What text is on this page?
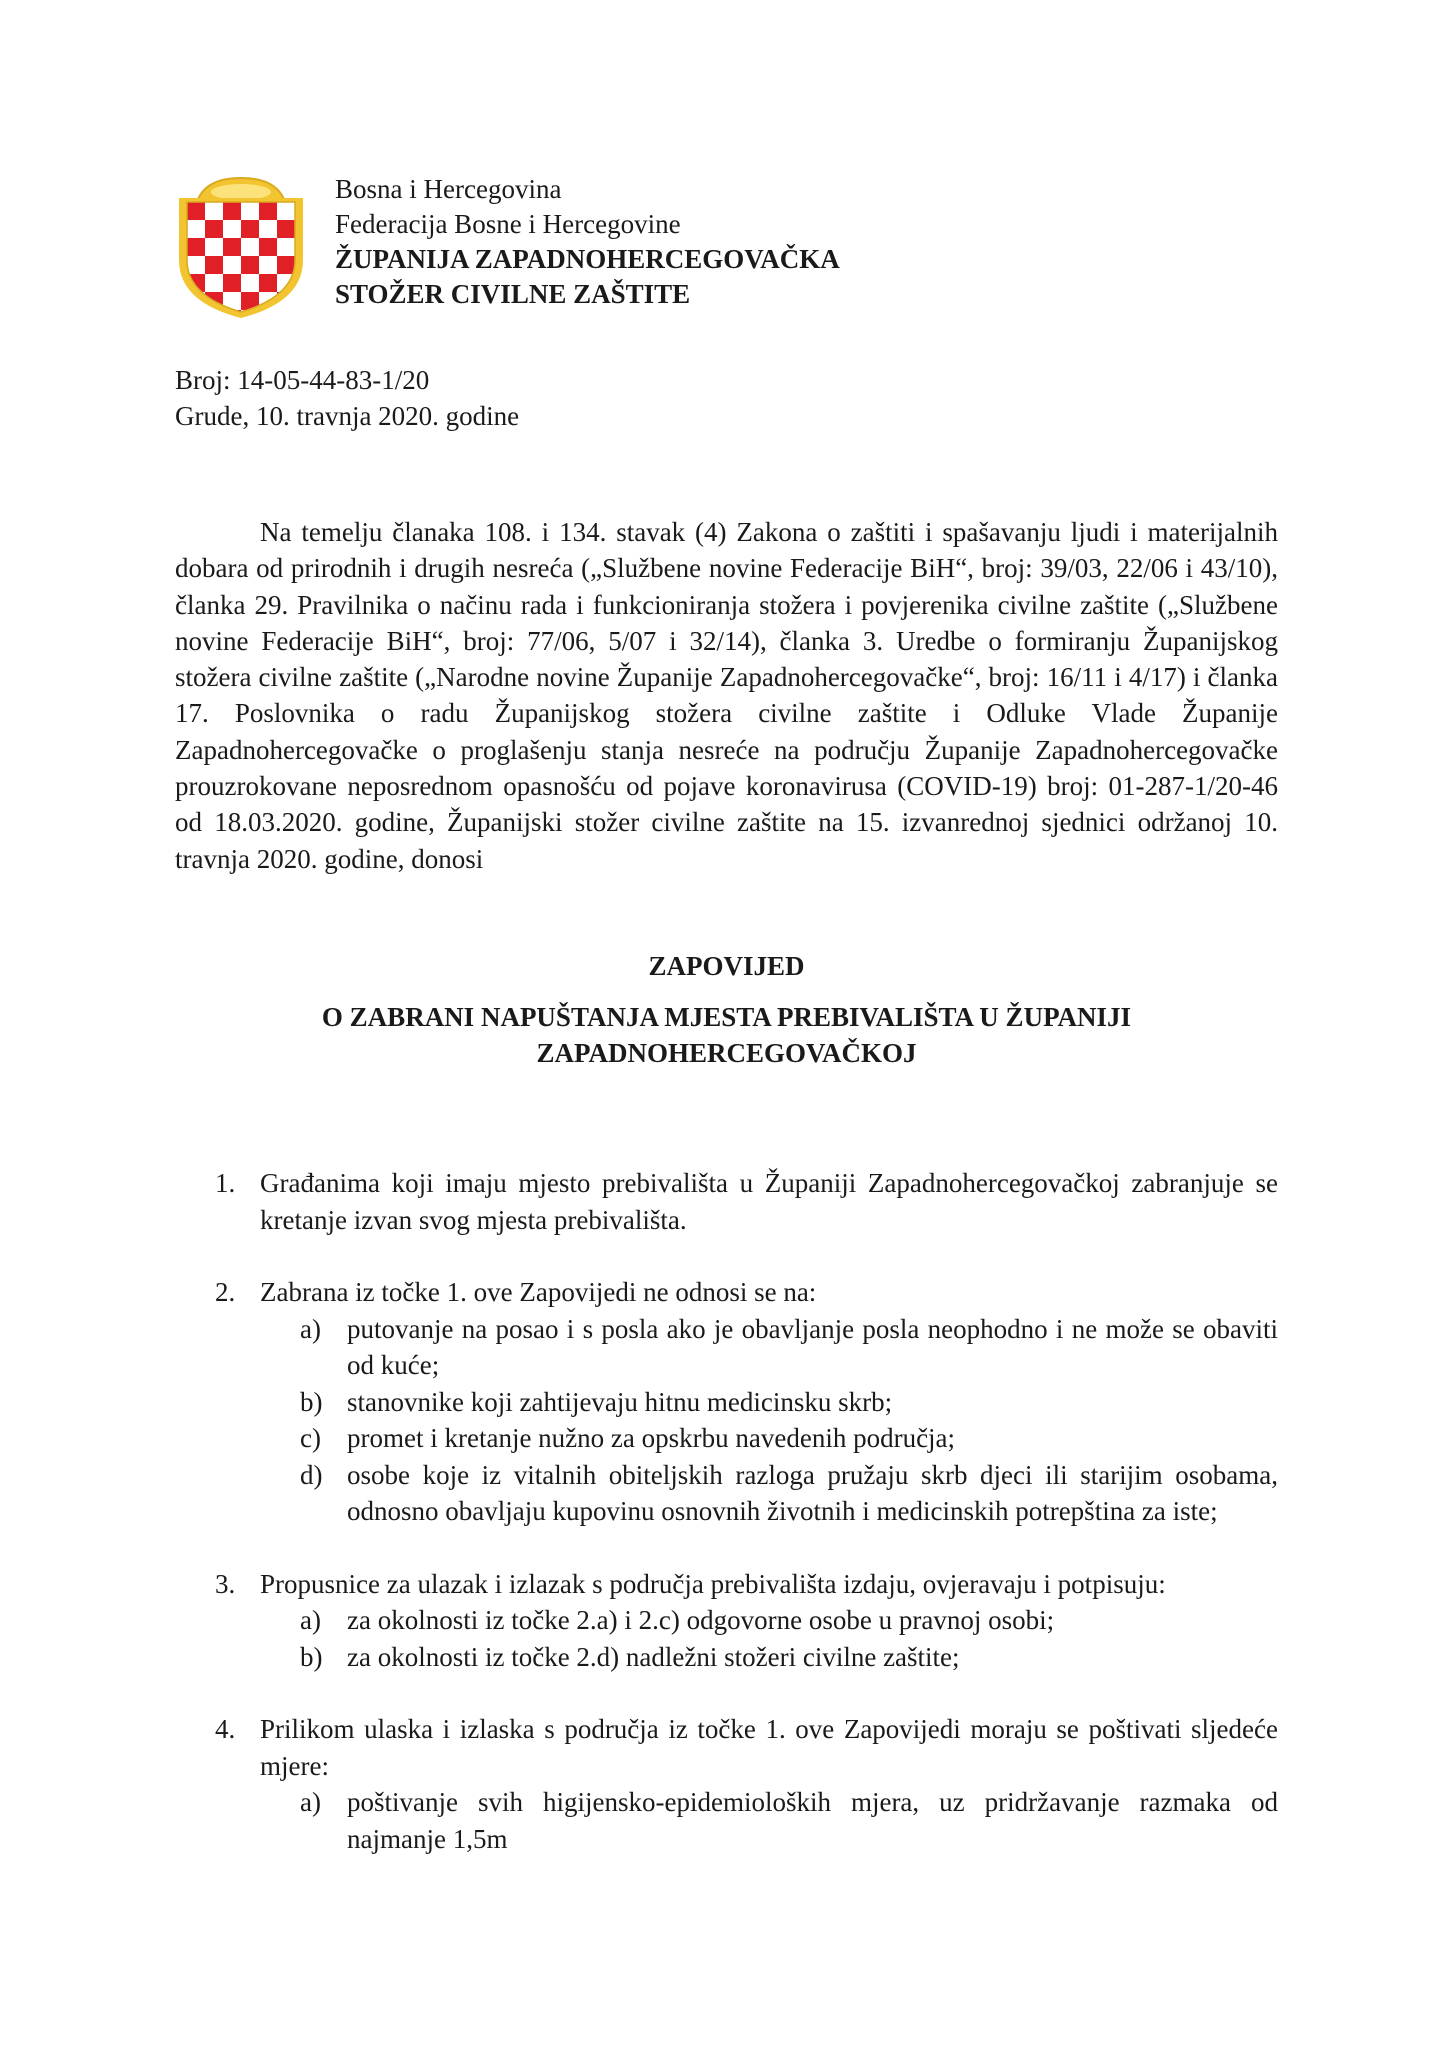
Bosna i Hercegovina
Federacija Bosne i Hercegovine
ŽUPANIJA ZAPADNOHERCEGOVAČKA
STOŽER CIVILNE ZAŠTITE
Broj: 14-05-44-83-1/20
Grude, 10. travnja 2020. godine

Na temelju članaka 108. i 134. stavak (4) Zakona o zaštiti i spašavanju ljudi i materijalnih dobara od prirodnih i drugih nesreća („Službene novine Federacije BiH“, broj: 39/03, 22/06 i 43/10), članka 29. Pravilnika o načinu rada i funkcioniranja stožera i povjerenika civilne zaštite („Službene novine Federacije BiH“, broj: 77/06, 5/07 i 32/14), članka 3. Uredbe o formiranju Županijskog stožera civilne zaštite („Narodne novine Županije Zapadnohercegovačke“, broj: 16/11 i 4/17) i članka 17. Poslovnika o radu Županijskog stožera civilne zaštite i Odluke Vlade Županije Zapadnohercegovačke o proglašenju stanja nesreće na području Županije Zapadnohercegovačke prouzrokovane neposrednom opasnošću od pojave koronavirusa (COVID-19) broj: 01-287-1/20-46 od 18.03.2020. godine, Županijski stožer civilne zaštite na 15. izvanrednoj sjednici održanoj 10. travnja 2020. godine, donosi

ZAPOVIJED

O ZABRANI NAPUŠTANJA MJESTA PREBIVALIŠTA U ŽUPANIJI
ZAPADNOHERCEGOVAČKOJ
1. Građanima koji imaju mjesto prebivališta u Županiji Zapadnohercegovačkoj zabranjuje se kretanje izvan svog mjesta prebivališta.
2. Zabrana iz točke 1. ove Zapovijedi ne odnosi se na:
a) putovanje na posao i s posla ako je obavljanje posla neophodno i ne može se obaviti od kuće;
b) stanovnike koji zahtijevaju hitnu medicinsku skrb;
c) promet i kretanje nužno za opskrbu navedenih područja;
d) osobe koje iz vitalnih obiteljskih razloga pružaju skrb djeci ili starijim osobama, odnosno obavljaju kupovinu osnovnih životnih i medicinskih potrepština za iste;
3. Propusnice za ulazak i izlazak s područja prebivališta izdaju, ovjeravaju i potpisuju:
a) za okolnosti iz točke 2.a) i 2.c) odgovorne osobe u pravnoj osobi;
b) za okolnosti iz točke 2.d) nadležni stožeri civilne zaštite;
4. Prilikom ulaska i izlaska s područja iz točke 1. ove Zapovijedi moraju se poštivati sljedeće mjere:
a) poštivanje svih higijensko-epidemioloških mjera, uz pridržavanje razmaka od najmanje 1,5m
